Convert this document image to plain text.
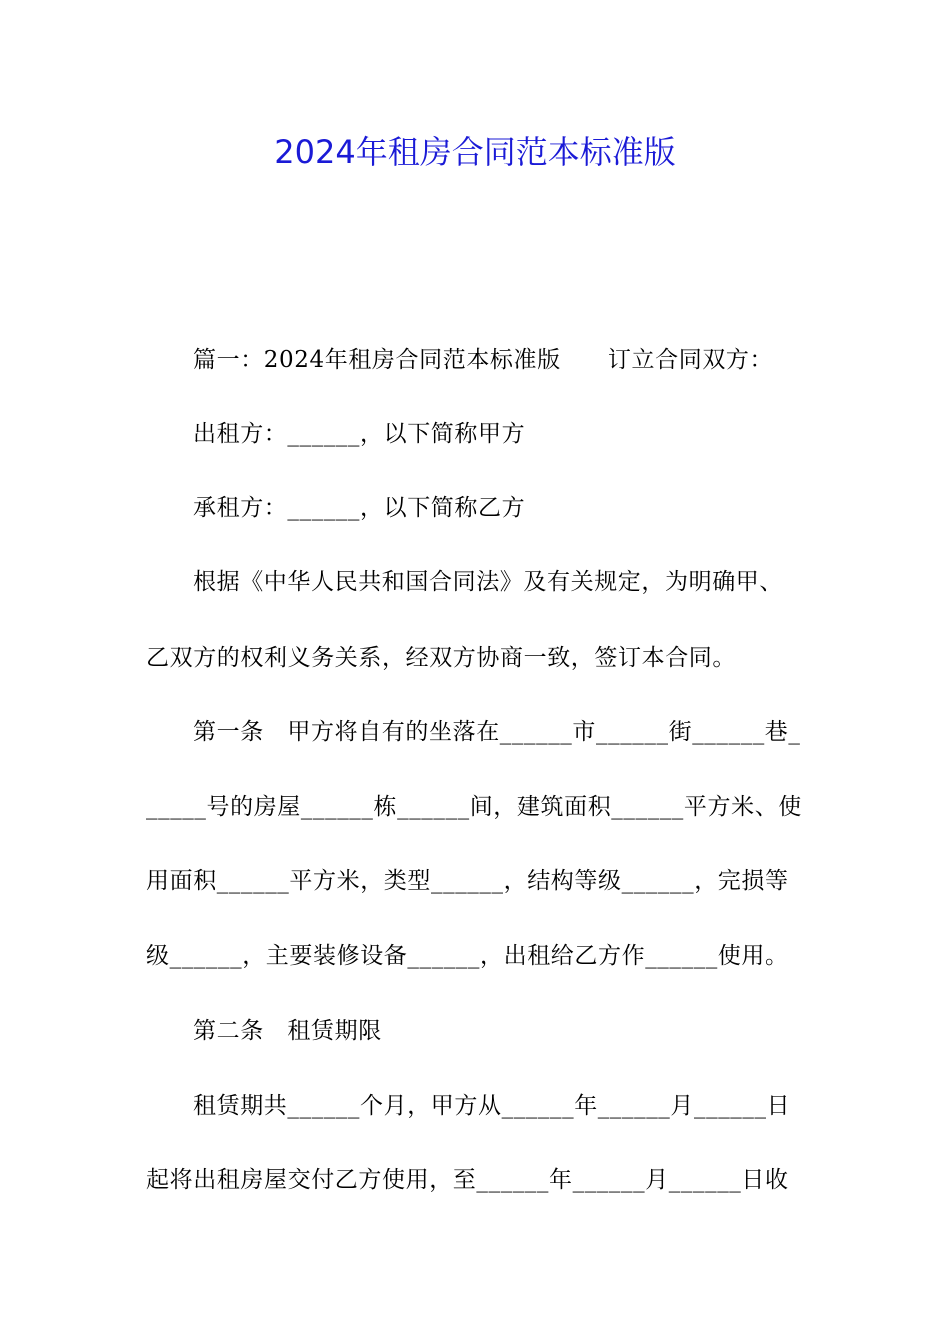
2024年租房合同范本标准版
篇一：2024年租房合同范本标准版　　订立合同双方：
出租方：______，以下简称甲方
承租方：______，以下简称乙方
根据《中华人民共和国合同法》及有关规定，为明确甲、
乙双方的权利义务关系，经双方协商一致，签订本合同。
第一条　甲方将自有的坐落在______市______街______巷_
_____号的房屋______栋______间，建筑面积______平方米、使
用面积______平方米，类型______，结构等级______，完损等
级______，主要装修设备______，出租给乙方作______使用。
第二条　租赁期限
租赁期共______个月，甲方从______年______月______日
起将出租房屋交付乙方使用，至______年______月______日收
